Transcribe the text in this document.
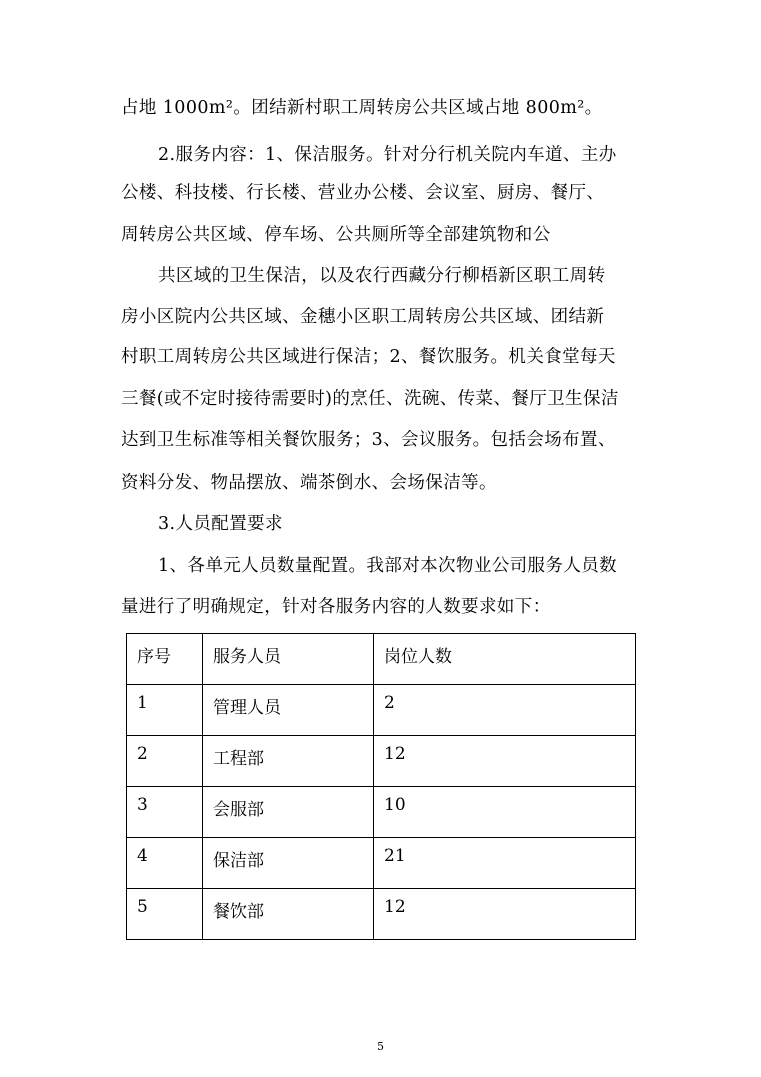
占地 1000m²。团结新村职工周转房公共区域占地 800m²。
2.服务内容：1、保洁服务。针对分行机关院内车道、主办
公楼、科技楼、行长楼、营业办公楼、会议室、厨房、餐厅、
周转房公共区域、停车场、公共厕所等全部建筑物和公
共区域的卫生保洁，以及农行西藏分行柳梧新区职工周转
房小区院内公共区域、金穗小区职工周转房公共区域、团结新
村职工周转房公共区域进行保洁；2、餐饮服务。机关食堂每天
三餐(或不定时接待需要时)的烹任、洗碗、传菜、餐厅卫生保洁
达到卫生标准等相关餐饮服务；3、会议服务。包括会场布置、
资料分发、物品摆放、端茶倒水、会场保洁等。
3.人员配置要求
1、各单元人员数量配置。我部对本次物业公司服务人员数
量进行了明确规定，针对各服务内容的人数要求如下：
序号	服务人员	岗位人数
1	管理人员	2
2	工程部	12
3	会服部	10
4	保洁部	21
5	餐饮部	12
5
